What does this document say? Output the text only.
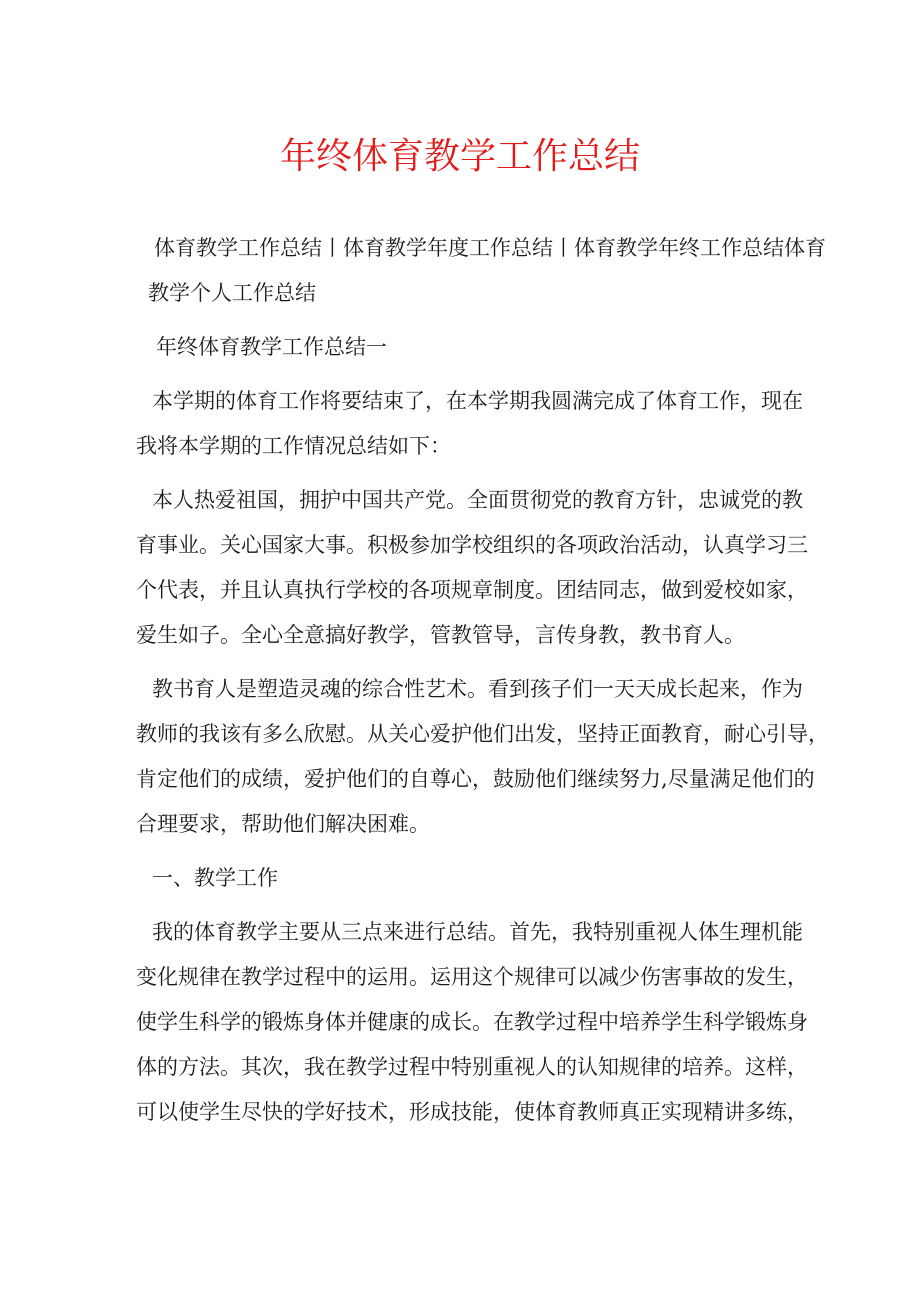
年终体育教学工作总结
体育教学工作总结丨体育教学年度工作总结丨体育教学年终工作总结体育
教学个人工作总结
年终体育教学工作总结一
本学期的体育工作将要结束了，在本学期我圆满完成了体育工作，现在
我将本学期的工作情况总结如下：
本人热爱祖国，拥护中国共产党。全面贯彻党的教育方针，忠诚党的教
育事业。关心国家大事。积极参加学校组织的各项政治活动，认真学习三
个代表，并且认真执行学校的各项规章制度。团结同志，做到爱校如家，
爱生如子。全心全意搞好教学，管教管导，言传身教，教书育人。
教书育人是塑造灵魂的综合性艺术。看到孩子们一天天成长起来，作为
教师的我该有多么欣慰。从关心爱护他们出发，坚持正面教育，耐心引导，
肯定他们的成绩，爱护他们的自尊心，鼓励他们继续努力,尽量满足他们的
合理要求，帮助他们解决困难。
一、教学工作
我的体育教学主要从三点来进行总结。首先，我特别重视人体生理机能
变化规律在教学过程中的运用。运用这个规律可以减少伤害事故的发生，
使学生科学的锻炼身体并健康的成长。在教学过程中培养学生科学锻炼身
体的方法。其次，我在教学过程中特别重视人的认知规律的培养。这样，
可以使学生尽快的学好技术，形成技能，使体育教师真正实现精讲多练，
